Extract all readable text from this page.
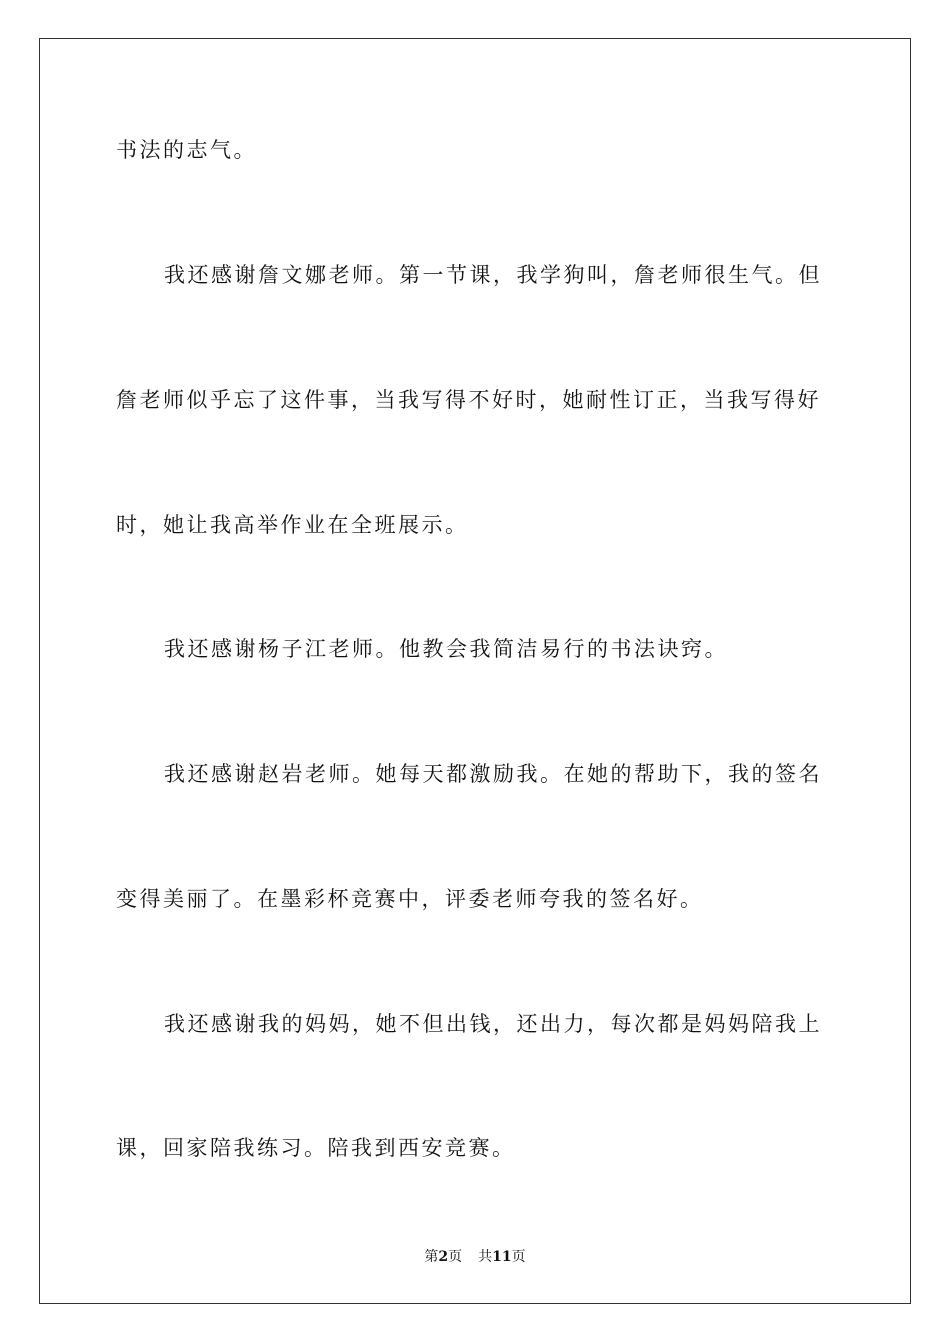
书法的志气。
我还感谢詹文娜老师。第一节课，我学狗叫，詹老师很生气。但
詹老师似乎忘了这件事，当我写得不好时，她耐性订正，当我写得好
时，她让我高举作业在全班展示。
我还感谢杨子江老师。他教会我简洁易行的书法诀窍。
我还感谢赵岩老师。她每天都激励我。在她的帮助下，我的签名
变得美丽了。在墨彩杯竞赛中，评委老师夸我的签名好。
我还感谢我的妈妈，她不但出钱，还出力，每次都是妈妈陪我上
课，回家陪我练习。陪我到西安竞赛。
第2页 共11页
